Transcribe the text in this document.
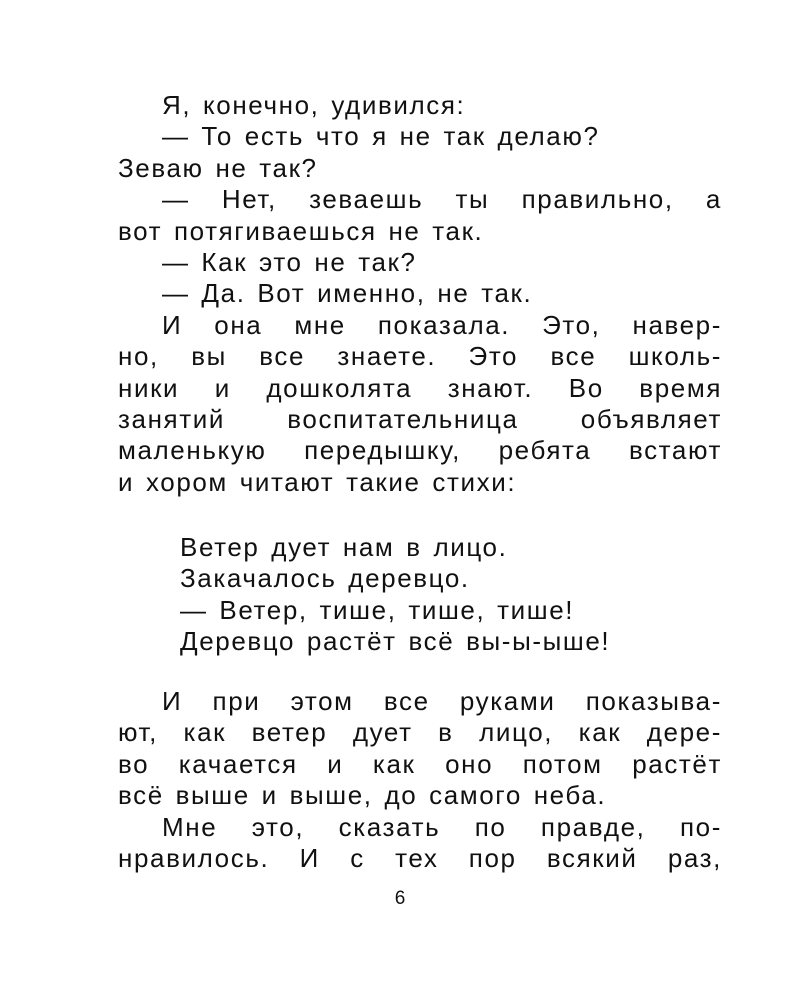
Я, конечно, удивился:
— То есть что я не так делаю?
Зеваю не так?
— Нет, зеваешь ты правильно, а
вот потягиваешься не так.
— Как это не так?
— Да. Вот именно, не так.
И она мне показала. Это, навер-
но, вы все знаете. Это все школь-
ники и дошколята знают. Во время
занятий воспитательница объявляет
маленькую передышку, ребята встают
и хором читают такие стихи:
Ветер дует нам в лицо.
Закачалось деревцо.
— Ветер, тише, тише, тише!
Деревцо растёт всё вы-ы-ыше!
И при этом все руками показыва-
ют, как ветер дует в лицо, как дере-
во качается и как оно потом растёт
всё выше и выше, до самого неба.
Мне это, сказать по правде, по-
нравилось. И с тех пор всякий раз,
6
